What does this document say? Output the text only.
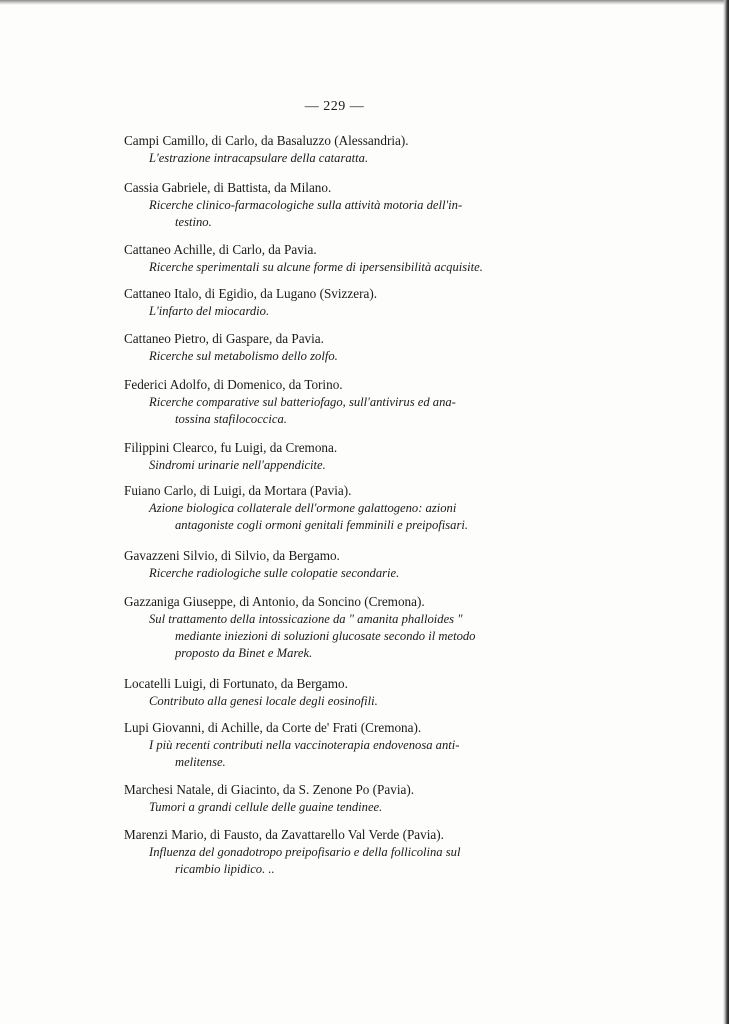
— 229 —
Campi Camillo, di Carlo, da Basaluzzo (Alessandria).
L'estrazione intracapsulare della cataratta.
Cassia Gabriele, di Battista, da Milano.
Ricerche clinico-farmacologiche sulla attività motoria dell'in-
testino.
Cattaneo Achille, di Carlo, da Pavia.
Ricerche sperimentali su alcune forme di ipersensibilità acquisite.
Cattaneo Italo, di Egidio, da Lugano (Svizzera).
L'infarto del miocardio.
Cattaneo Pietro, di Gaspare, da Pavia.
Ricerche sul metabolismo dello zolfo.
Federici Adolfo, di Domenico, da Torino.
Ricerche comparative sul batteriofago, sull'antivirus ed ana-
tossina stafilococcica.
Filippini Clearco, fu Luigi, da Cremona.
Sindromi urinarie nell'appendicite.
Fuiano Carlo, di Luigi, da Mortara (Pavia).
Azione biologica collaterale dell'ormone galattogeno: azioni
antagoniste cogli ormoni genitali femminili e preipofisari.
Gavazzeni Silvio, di Silvio, da Bergamo.
Ricerche radiologiche sulle colopatie secondarie.
Gazzaniga Giuseppe, di Antonio, da Soncino (Cremona).
Sul trattamento della intossicazione da " amanita phalloides "
mediante iniezioni di soluzioni glucosate secondo il metodo
proposto da Binet e Marek.
Locatelli Luigi, di Fortunato, da Bergamo.
Contributo alla genesi locale degli eosinofili.
Lupi Giovanni, di Achille, da Corte de' Frati (Cremona).
I più recenti contributi nella vaccinoterapia endovenosa anti-
melitense.
Marchesi Natale, di Giacinto, da S. Zenone Po (Pavia).
Tumori a grandi cellule delle guaine tendinee.
Marenzi Mario, di Fausto, da Zavattarello Val Verde (Pavia).
Influenza del gonadotropo preipofisario e della follicolina sul
ricambio lipidico. ..
